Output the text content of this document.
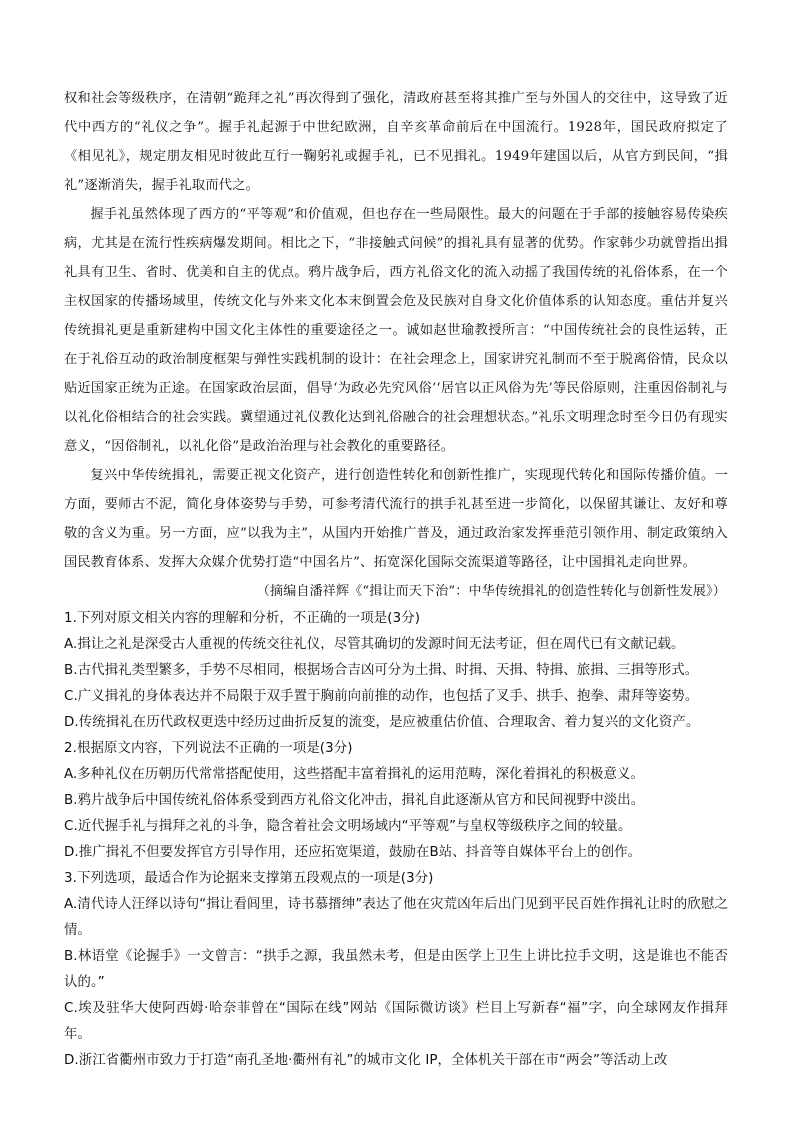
权和社会等级秩序，在清朝“跪拜之礼”再次得到了强化，清政府甚至将其推广至与外国人的交往中，这导致了近代中西方的“礼仪之争”。握手礼起源于中世纪欧洲，自辛亥革命前后在中国流行。1928年，国民政府拟定了《相见礼》，规定朋友相见时彼此互行一鞠躬礼或握手礼，已不见揖礼。1949年建国以后，从官方到民间，“揖礼”逐渐消失，握手礼取而代之。

握手礼虽然体现了西方的“平等观”和价值观，但也存在一些局限性。最大的问题在于手部的接触容易传染疾病，尤其是在流行性疾病爆发期间。相比之下，“非接触式问候”的揖礼具有显著的优势。作家韩少功就曾指出揖礼具有卫生、省时、优美和自主的优点。鸦片战争后，西方礼俗文化的流入动摇了我国传统的礼俗体系，在一个主权国家的传播场域里，传统文化与外来文化本末倒置会危及民族对自身文化价值体系的认知态度。重估并复兴传统揖礼更是重新建构中国文化主体性的重要途径之一。诚如赵世瑜教授所言：“中国传统社会的良性运转，正在于礼俗互动的政治制度框架与弹性实践机制的设计：在社会理念上，国家讲究礼制而不至于脱离俗情，民众以贴近国家正统为正途。在国家政治层面，倡导‘为政必先究风俗’‘居官以正风俗为先’等民俗原则，注重因俗制礼与以礼化俗相结合的社会实践。冀望通过礼仪教化达到礼俗融合的社会理想状态。”礼乐文明理念时至今日仍有现实意义，“因俗制礼，以礼化俗”是政治治理与社会教化的重要路径。

复兴中华传统揖礼，需要正视文化资产，进行创造性转化和创新性推广，实现现代转化和国际传播价值。一方面，要师古不泥，简化身体姿势与手势，可参考清代流行的拱手礼甚至进一步简化，以保留其谦让、友好和尊敬的含义为重。另一方面，应“以我为主”，从国内开始推广普及，通过政治家发挥垂范引领作用、制定政策纳入国民教育体系、发挥大众媒介优势打造“中国名片”、拓宽深化国际交流渠道等路径，让中国揖礼走向世界。

（摘编自潘祥辉《“揖让而天下治”：中华传统揖礼的创造性转化与创新性发展》）

1.下列对原文相关内容的理解和分析，不正确的一项是(3分)

A.揖让之礼是深受古人重视的传统交往礼仪，尽管其确切的发源时间无法考证，但在周代已有文献记载。

B.古代揖礼类型繁多，手势不尽相同，根据场合吉凶可分为土揖、时揖、天揖、特揖、旅揖、三揖等形式。

C.广义揖礼的身体表达并不局限于双手置于胸前向前推的动作，也包括了叉手、拱手、抱拳、肃拜等姿势。

D.传统揖礼在历代政权更迭中经历过曲折反复的流变，是应被重估价值、合理取舍、着力复兴的文化资产。

2.根据原文内容，下列说法不正确的一项是(3分)

A.多种礼仪在历朝历代常常搭配使用，这些搭配丰富着揖礼的运用范畴，深化着揖礼的积极意义。

B.鸦片战争后中国传统礼俗体系受到西方礼俗文化冲击，揖礼自此逐渐从官方和民间视野中淡出。

C.近代握手礼与揖拜之礼的斗争，隐含着社会文明场域内“平等观”与皇权等级秩序之间的较量。

D.推广揖礼不但要发挥官方引导作用，还应拓宽渠道，鼓励在B站、抖音等自媒体平台上的创作。

3.下列选项，最适合作为论据来支撑第五段观点的一项是(3分)

A.清代诗人汪绎以诗句“揖让看闾里，诗书慕搢绅”表达了他在灾荒凶年后出门见到平民百姓作揖礼让时的欣慰之情。

B.林语堂《论握手》一文曾言：“拱手之源，我虽然未考，但是由医学上卫生上讲比拉手文明，这是谁也不能否认的。”

C.埃及驻华大使阿西姆·哈奈菲曾在“国际在线”网站《国际微访谈》栏目上写新春“福”字，向全球网友作揖拜年。

D.浙江省衢州市致力于打造“南孔圣地·衢州有礼”的城市文化 IP，全体机关干部在市“两会”等活动上改
